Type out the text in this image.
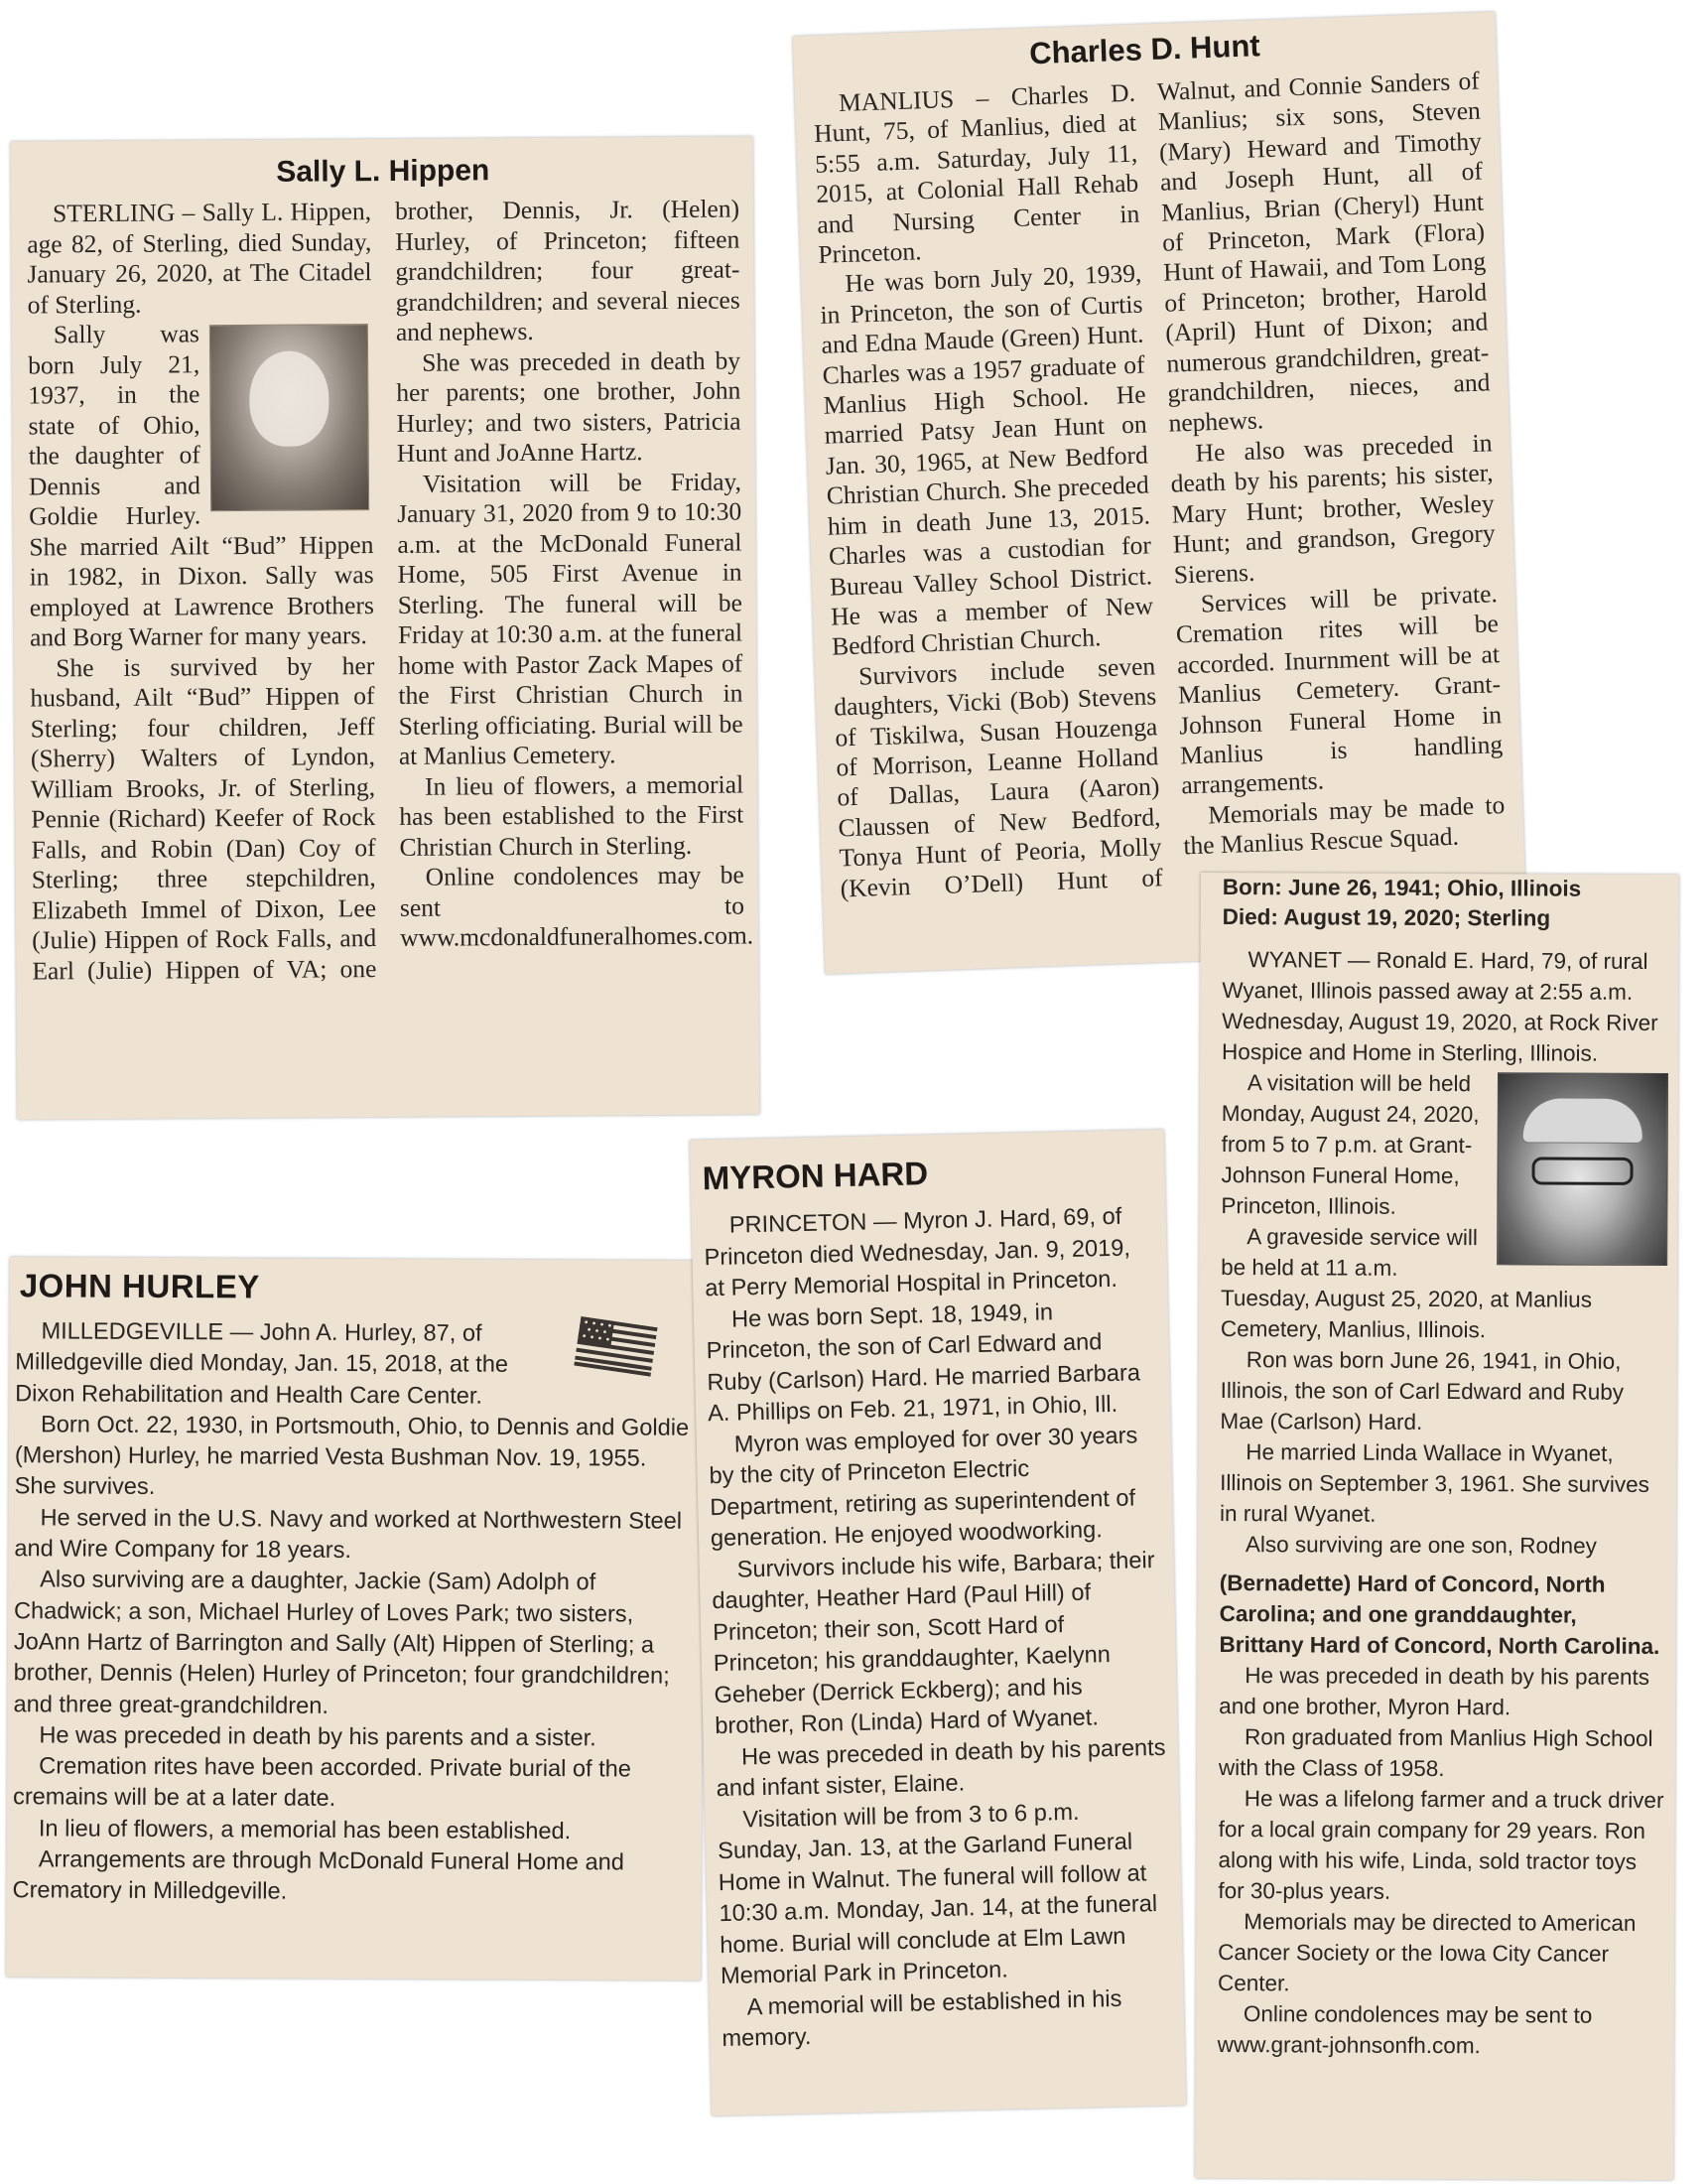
Sally L. Hippen

STERLING – Sally L. Hippen, age 82, of Sterling, died Sunday, January 26, 2020, at The Citadel of Sterling.

Sally was born July 21, 1937, in the state of Ohio, the daughter of Dennis and Goldie Hurley. She married Ailt “Bud” Hippen in 1982, in Dixon. Sally was employed at Lawrence Brothers and Borg Warner for many years.

She is survived by her husband, Ailt “Bud” Hippen of Sterling; four children, Jeff (Sherry) Walters of Lyndon, William Brooks, Jr. of Sterling, Pennie (Richard) Keefer of Rock Falls, and Robin (Dan) Coy of Sterling; three stepchildren, Elizabeth Immel of Dixon, Lee (Julie) Hippen of Rock Falls, and Earl (Julie) Hippen of VA; one brother, Dennis, Jr. (Helen) Hurley, of Princeton; fifteen grandchildren; four great-grandchildren; and several nieces and nephews.

She was preceded in death by her parents; one brother, John Hurley; and two sisters, Patricia Hunt and JoAnne Hartz.

Visitation will be Friday, January 31, 2020 from 9 to 10:30 a.m. at the McDonald Funeral Home, 505 First Avenue in Sterling. The funeral will be Friday at 10:30 a.m. at the funeral home with Pastor Zack Mapes of the First Christian Church in Sterling officiating. Burial will be at Manlius Cemetery.

In lieu of flowers, a memorial has been established to the First Christian Church in Sterling.

Online condolences may be sent to www.mcdonaldfuneralhomes.com.

Charles D. Hunt

MANLIUS – Charles D. Hunt, 75, of Manlius, died at 5:55 a.m. Saturday, July 11, 2015, at Colonial Hall Rehab and Nursing Center in Princeton.

He was born July 20, 1939, in Princeton, the son of Curtis and Edna Maude (Green) Hunt. Charles was a 1957 graduate of Manlius High School. He married Patsy Jean Hunt on Jan. 30, 1965, at New Bedford Christian Church. She preceded him in death June 13, 2015. Charles was a custodian for Bureau Valley School District. He was a member of New Bedford Christian Church.

Survivors include seven daughters, Vicki (Bob) Stevens of Tiskilwa, Susan Houzenga of Morrison, Leanne Holland of Dallas, Laura (Aaron) Claussen of New Bedford, Tonya Hunt of Peoria, Molly (Kevin O’Dell) Hunt of Walnut, and Connie Sanders of Manlius; six sons, Steven (Mary) Heward and Timothy and Joseph Hunt, all of Manlius, Brian (Cheryl) Hunt of Princeton, Mark (Flora) Hunt of Hawaii, and Tom Long of Princeton; brother, Harold (April) Hunt of Dixon; and numerous grandchildren, great-grandchildren, nieces, and nephews.

He also was preceded in death by his parents; his sister, Mary Hunt; brother, Wesley Hunt; and grandson, Gregory Sierens.

Services will be private. Cremation rites will be accorded. Inurnment will be at Manlius Cemetery. Grant-Johnson Funeral Home in Manlius is handling arrangements.

Memorials may be made to the Manlius Rescue Squad.

JOHN HURLEY

MILLEDGEVILLE — John A. Hurley, 87, of Milledgeville died Monday, Jan. 15, 2018, at the Dixon Rehabilitation and Health Care Center.

Born Oct. 22, 1930, in Portsmouth, Ohio, to Dennis and Goldie (Mershon) Hurley, he married Vesta Bushman Nov. 19, 1955. She survives.

He served in the U.S. Navy and worked at Northwestern Steel and Wire Company for 18 years.

Also surviving are a daughter, Jackie (Sam) Adolph of Chadwick; a son, Michael Hurley of Loves Park; two sisters, JoAnn Hartz of Barrington and Sally (Alt) Hippen of Sterling; a brother, Dennis (Helen) Hurley of Princeton; four grandchildren; and three great-grandchildren.

He was preceded in death by his parents and a sister.

Cremation rites have been accorded. Private burial of the cremains will be at a later date.

In lieu of flowers, a memorial has been established.

Arrangements are through McDonald Funeral Home and Crematory in Milledgeville.

MYRON HARD

PRINCETON — Myron J. Hard, 69, of Princeton died Wednesday, Jan. 9, 2019, at Perry Memorial Hospital in Princeton.

He was born Sept. 18, 1949, in Princeton, the son of Carl Edward and Ruby (Carlson) Hard. He married Barbara A. Phillips on Feb. 21, 1971, in Ohio, Ill.

Myron was employed for over 30 years by the city of Princeton Electric Department, retiring as superintendent of generation. He enjoyed woodworking.

Survivors include his wife, Barbara; their daughter, Heather Hard (Paul Hill) of Princeton; their son, Scott Hard of Princeton; his granddaughter, Kaelynn Geheber (Derrick Eckberg); and his brother, Ron (Linda) Hard of Wyanet.

He was preceded in death by his parents and infant sister, Elaine.

Visitation will be from 3 to 6 p.m. Sunday, Jan. 13, at the Garland Funeral Home in Walnut. The funeral will follow at 10:30 a.m. Monday, Jan. 14, at the funeral home. Burial will conclude at Elm Lawn Memorial Park in Princeton.

A memorial will be established in his memory.

Born: June 26, 1941; Ohio, Illinois
Died: August 19, 2020; Sterling

WYANET — Ronald E. Hard, 79, of rural Wyanet, Illinois passed away at 2:55 a.m. Wednesday, August 19, 2020, at Rock River Hospice and Home in Sterling, Illinois.

A visitation will be held Monday, August 24, 2020, from 5 to 7 p.m. at Grant-Johnson Funeral Home, Princeton, Illinois.

A graveside service will be held at 11 a.m. Tuesday, August 25, 2020, at Manlius Cemetery, Manlius, Illinois.

Ron was born June 26, 1941, in Ohio, Illinois, the son of Carl Edward and Ruby Mae (Carlson) Hard.

He married Linda Wallace in Wyanet, Illinois on September 3, 1961. She survives in rural Wyanet.

Also surviving are one son, Rodney

(Bernadette) Hard of Concord, North Carolina; and one granddaughter, Brittany Hard of Concord, North Carolina.

He was preceded in death by his parents and one brother, Myron Hard.

Ron graduated from Manlius High School with the Class of 1958.

He was a lifelong farmer and a truck driver for a local grain company for 29 years. Ron along with his wife, Linda, sold tractor toys for 30-plus years.

Memorials may be directed to American Cancer Society or the Iowa City Cancer Center.

Online condolences may be sent to www.grant-johnsonfh.com.
